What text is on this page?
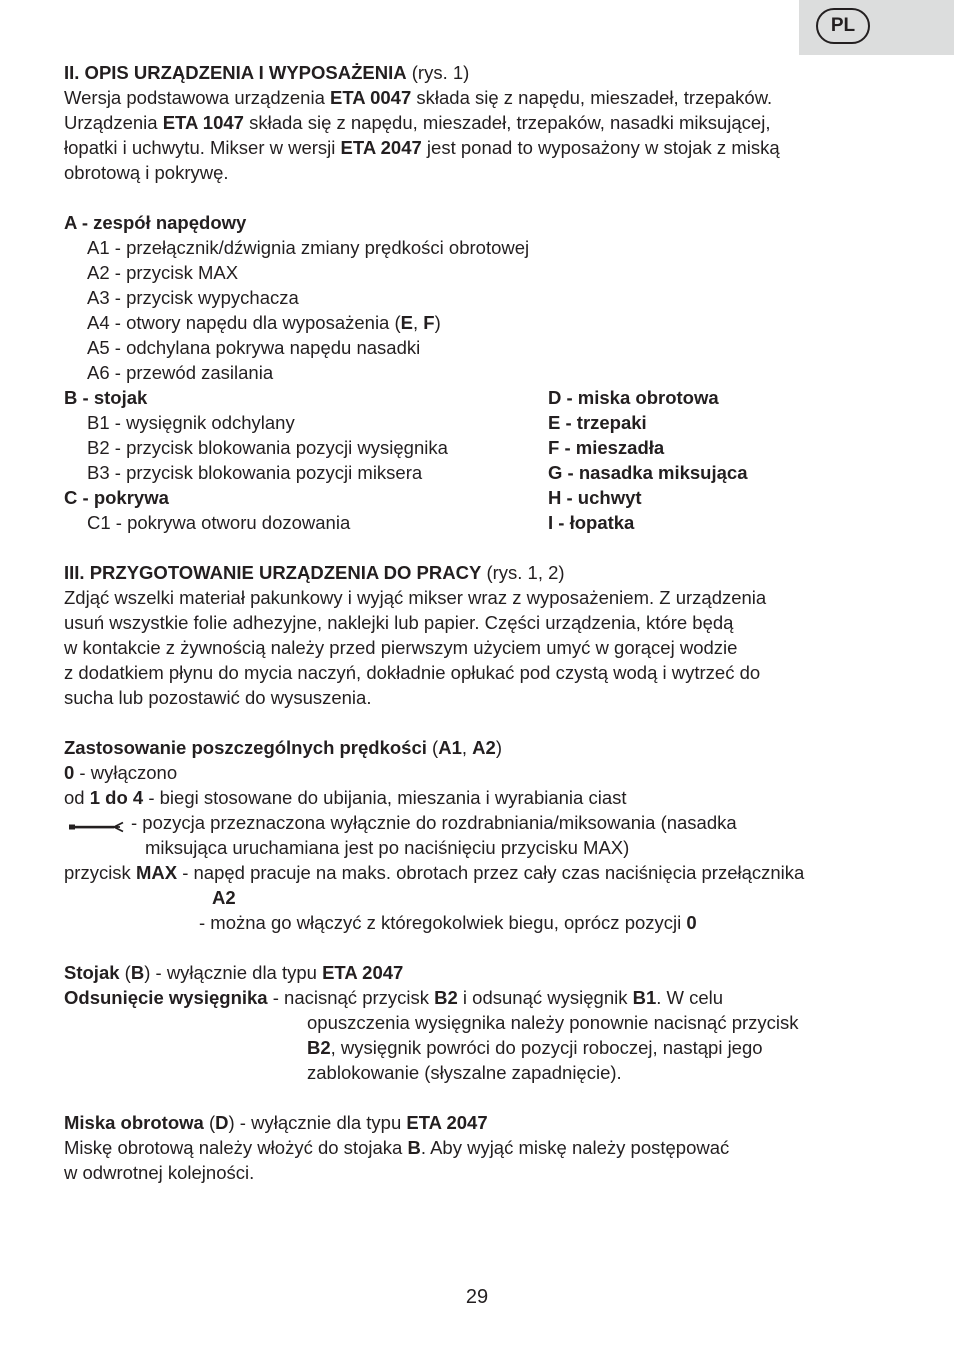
PL
II. OPIS URZĄDZENIA I WYPOSAŻENIA (rys. 1)
Wersja podstawowa urządzenia ETA 0047 składa się z napędu, mieszadeł, trzepaków.
Urządzenia ETA 1047 składa się z napędu, mieszadeł, trzepaków, nasadki miksującej,
łopatki i uchwytu. Mikser w wersji ETA 2047 jest ponad to wyposażony w stojak z miską
obrotową i pokrywę.
A - zespół napędowy
A1 - przełącznik/dźwignia zmiany prędkości obrotowej
A2 - przycisk MAX
A3 - przycisk wypychacza
A4 - otwory napędu dla wyposażenia (E, F)
A5 - odchylana pokrywa napędu nasadki
A6 - przewód zasilania
B - stojak
B1 - wysięgnik odchylany
B2 - przycisk blokowania pozycji wysięgnika
B3 - przycisk blokowania pozycji miksera
C - pokrywa
C1 - pokrywa otworu dozowania
D - miska obrotowa
E - trzepaki
F - mieszadła
G - nasadka miksująca
H - uchwyt
I - łopatka
III. PRZYGOTOWANIE URZĄDZENIA DO PRACY (rys. 1, 2)
Zdjąć wszelki materiał pakunkowy i wyjąć mikser wraz z wyposażeniem. Z urządzenia
usuń wszystkie folie adhezyjne, naklejki lub papier. Części urządzenia, które będą
w kontakcie z żywnością należy przed pierwszym użyciem umyć w gorącej wodzie
z dodatkiem płynu do mycia naczyń, dokładnie opłukać pod czystą wodą i wytrzeć do
sucha lub pozostawić do wysuszenia.
Zastosowanie poszczególnych prędkości (A1, A2)
0 - wyłączono
od 1 do 4 - biegi stosowane do ubijania, mieszania i wyrabiania ciast
- pozycja przeznaczona wyłącznie do rozdrabniania/miksowania (nasadka
miksująca uruchamiana jest po naciśnięciu przycisku MAX)
przycisk MAX - napęd pracuje na maks. obrotach przez cały czas naciśnięcia przełącznika
A2
- można go włączyć z któregokolwiek biegu, oprócz pozycji 0
Stojak (B) - wyłącznie dla typu ETA 2047
Odsunięcie wysięgnika - nacisnąć przycisk B2 i odsunąć wysięgnik B1. W celu
opuszczenia wysięgnika należy ponownie nacisnąć przycisk
B2, wysięgnik powróci do pozycji roboczej, nastąpi jego
zablokowanie (słyszalne zapadnięcie).
Miska obrotowa (D) - wyłącznie dla typu ETA 2047
Miskę obrotową należy włożyć do stojaka B. Aby wyjąć miskę należy postępować
w odwrotnej kolejności.
29
